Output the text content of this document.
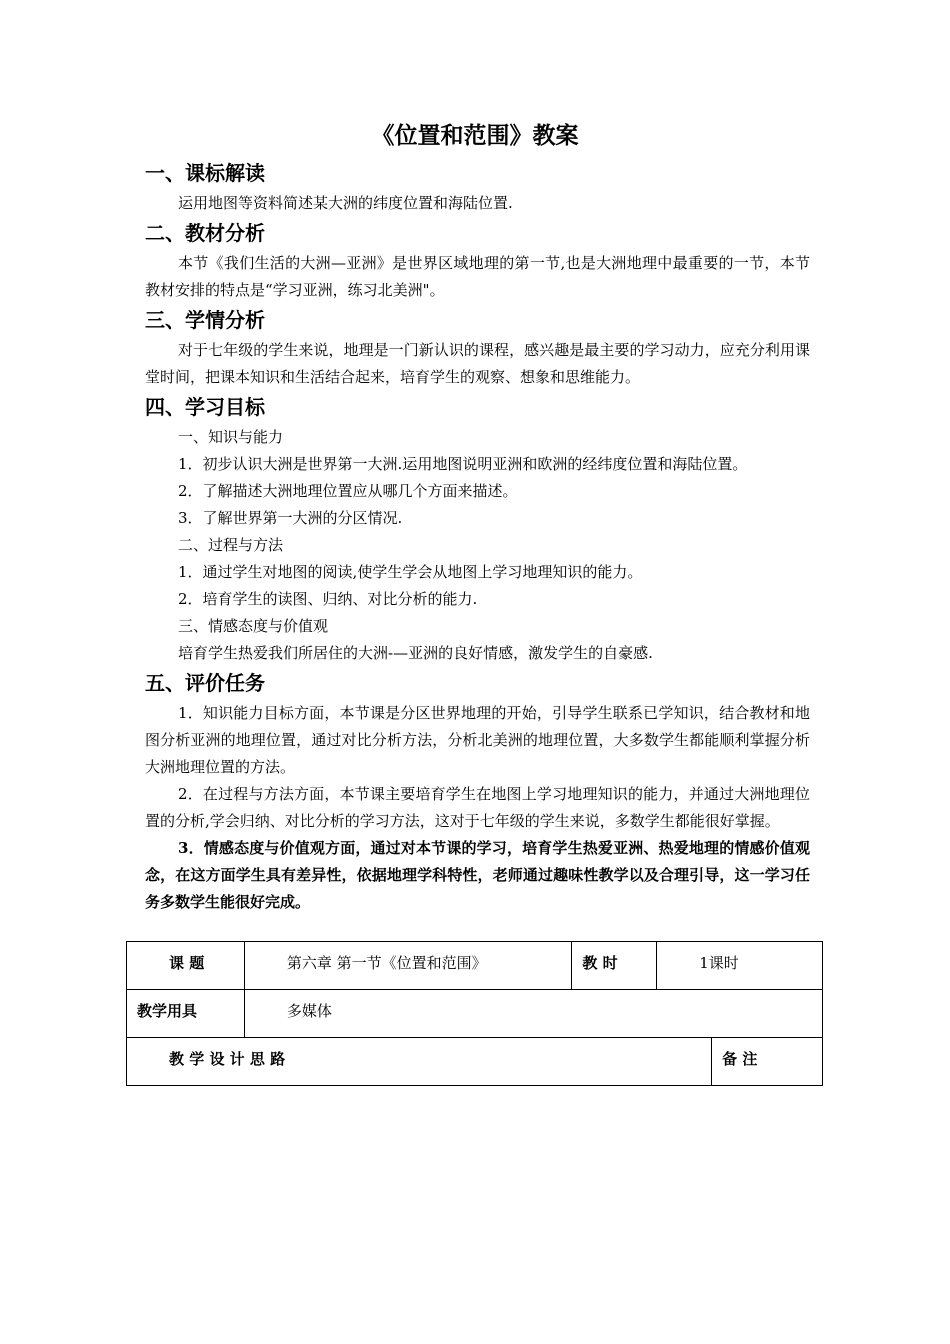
《位置和范围》教案
一、课标解读

运用地图等资料简述某大洲的纬度位置和海陆位置.

二、教材分析

本节《我们生活的大洲—亚洲》是世界区域地理的第一节,也是大洲地理中最重要的一节，本节教材安排的特点是“学习亚洲，练习北美洲"。

三、学情分析

对于七年级的学生来说，地理是一门新认识的课程，感兴趣是最主要的学习动力，应充分利用课堂时间，把课本知识和生活结合起来，培育学生的观察、想象和思维能力。

四、学习目标

一、知识与能力

1．初步认识大洲是世界第一大洲.运用地图说明亚洲和欧洲的经纬度位置和海陆位置。

2．了解描述大洲地理位置应从哪几个方面来描述。

3．了解世界第一大洲的分区情况.

二、过程与方法

1．通过学生对地图的阅读,使学生学会从地图上学习地理知识的能力。

2．培育学生的读图、归纳、对比分析的能力.

三、情感态度与价值观

培育学生热爱我们所居住的大洲-—亚洲的良好情感，激发学生的自豪感.

五、评价任务

1．知识能力目标方面，本节课是分区世界地理的开始，引导学生联系已学知识，结合教材和地图分析亚洲的地理位置，通过对比分析方法，分析北美洲的地理位置，大多数学生都能顺利掌握分析大洲地理位置的方法。

2．在过程与方法方面，本节课主要培育学生在地图上学习地理知识的能力，并通过大洲地理位置的分析,学会归纳、对比分析的学习方法，这对于七年级的学生来说，多数学生都能很好掌握。

3．情感态度与价值观方面，通过对本节课的学习，培育学生热爱亚洲、热爱地理的情感价值观念，在这方面学生具有差异性，依据地理学科特性，老师通过趣味性教学以及合理引导，这一学习任务多数学生能很好完成。

课 题	第六章 第一节《位置和范围》	教 时	1课时	
教学用具	多媒体			
教 学 设 计 思 路				备 注
